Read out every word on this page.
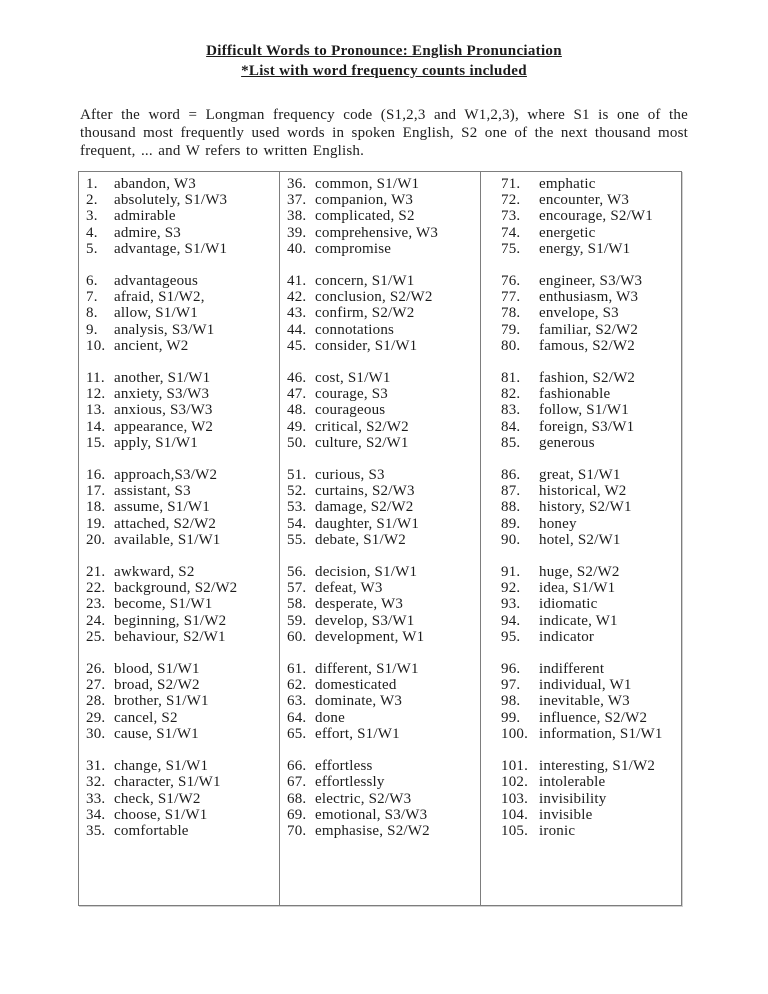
Difficult Words to Pronounce: English Pronunciation
*List with word frequency counts included

After the word = Longman frequency code (S1,2,3 and W1,2,3), where S1 is one of the thousand most frequently used words in spoken English, S2 one of the next thousand most frequent, ... and W refers to written English.

1.	abandon, W3
2.	absolutely, S1/W3
3.	admirable
4.	admire, S3
5.	advantage, S1/W1
6.	advantageous
7.	afraid, S1/W2,
8.	allow, S1/W1
9.	analysis, S3/W1
10. ancient, W2
11. another, S1/W1
12. anxiety, S3/W3
13. anxious, S3/W3
14. appearance, W2
15. apply, S1/W1
16. approach,S3/W2
17. assistant, S3
18. assume, S1/W1
19. attached, S2/W2
20. available, S1/W1
21. awkward, S2
22. background, S2/W2
23. become, S1/W1
24. beginning, S1/W2
25. behaviour, S2/W1
26. blood, S1/W1
27. broad, S2/W2
28. brother, S1/W1
29. cancel, S2
30. cause, S1/W1
31. change, S1/W1
32. character, S1/W1
33. check, S1/W2
34. choose, S1/W1
35. comfortable
36. common, S1/W1
37. companion, W3
38. complicated, S2
39. comprehensive, W3
40. compromise
41. concern, S1/W1
42. conclusion, S2/W2
43. confirm, S2/W2
44. connotations
45. consider, S1/W1
46. cost, S1/W1
47. courage, S3
48. courageous
49. critical, S2/W2
50. culture, S2/W1
51. curious, S3
52. curtains, S2/W3
53. damage, S2/W2
54. daughter, S1/W1
55. debate, S1/W2
56. decision, S1/W1
57. defeat, W3
58. desperate, W3
59. develop, S3/W1
60. development, W1
61. different, S1/W1
62. domesticated
63. dominate, W3
64. done
65. effort, S1/W1
66. effortless
67. effortlessly
68. electric, S2/W3
69. emotional, S3/W3
70. emphasise, S2/W2
71.	emphatic
72.	encounter, W3
73.	encourage, S2/W1
74.	energetic
75.	energy, S1/W1
76.	engineer, S3/W3
77.	enthusiasm, W3
78.	envelope, S3
79.	familiar, S2/W2
80.	famous, S2/W2
81.	fashion, S2/W2
82.	fashionable
83.	follow, S1/W1
84.	foreign, S3/W1
85.	generous
86.	great, S1/W1
87.	historical, W2
88.	history, S2/W1
89.	honey
90.	hotel, S2/W1
91.	huge, S2/W2
92.	idea, S1/W1
93.	idiomatic
94.	indicate, W1
95.	indicator
96.	indifferent
97.	individual, W1
98.	inevitable, W3
99.	influence, S2/W2
100. information, S1/W1
101. interesting, S1/W2
102. intolerable
103. invisibility
104. invisible
105. ironic
